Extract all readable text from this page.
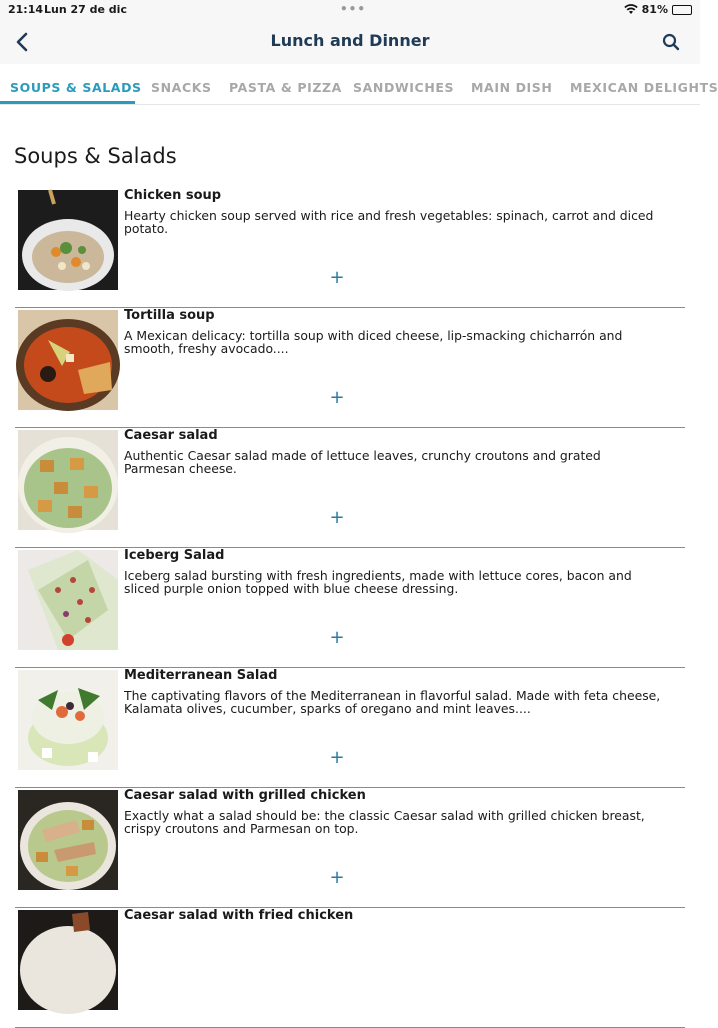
21:14 Lun 27 de dic	•••	81%
Lunch and Dinner
SOUPS & SALADS SNACKS PASTA & PIZZA SANDWICHES MAIN DISH MEXICAN DELIGHTS
Soups & Salads
Chicken soup
Hearty chicken soup served with rice and fresh vegetables: spinach, carrot and diced potato.
+
Tortilla soup
A Mexican delicacy: tortilla soup with diced cheese, lip-smacking chicharrón and smooth, freshy avocado....
+
Caesar salad
Authentic Caesar salad made of lettuce leaves, crunchy croutons and grated Parmesan cheese.
+
Iceberg Salad
Iceberg salad bursting with fresh ingredients, made with lettuce cores, bacon and sliced purple onion topped with blue cheese dressing.
+
Mediterranean Salad
The captivating flavors of the Mediterranean in flavorful salad. Made with feta cheese, Kalamata olives, cucumber, sparks of oregano and mint leaves....
+
Caesar salad with grilled chicken
Exactly what a salad should be: the classic Caesar salad with grilled chicken breast, crispy croutons and Parmesan on top.
+
Caesar salad with fried chicken
